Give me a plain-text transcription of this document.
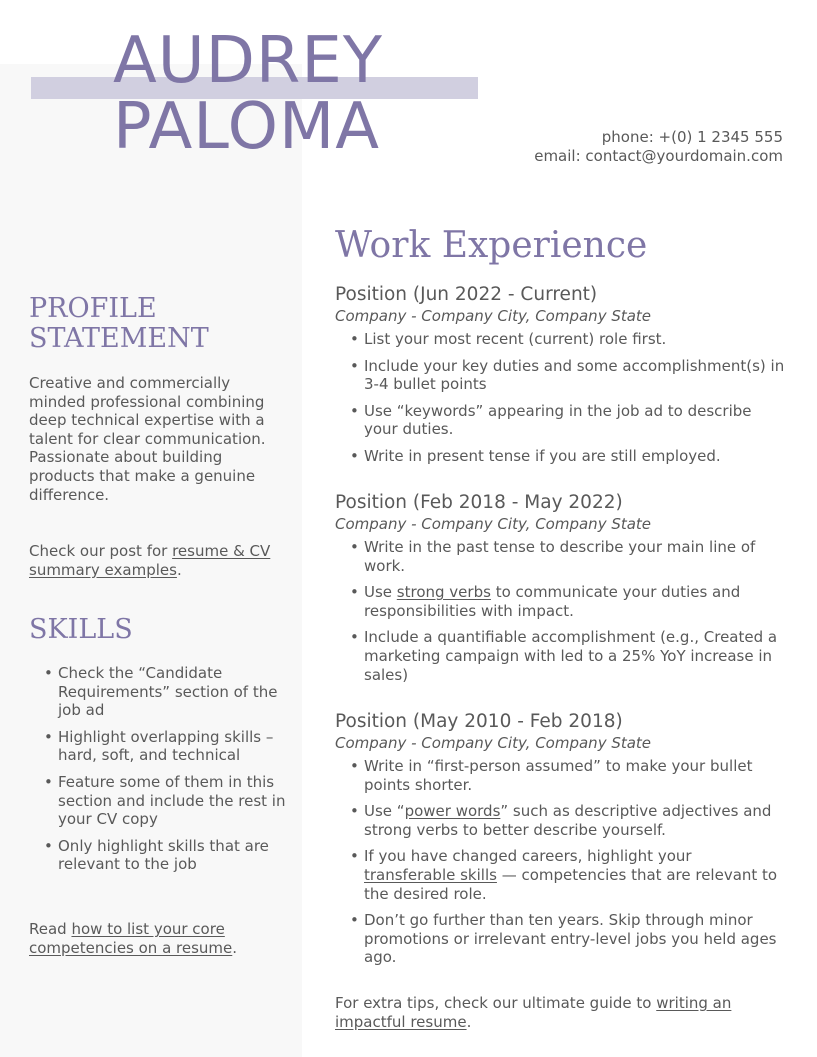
AUDREY
PALOMA	phone: +(0) 1 2345 555
email: contact@yourdomain.com
PROFILE
STATEMENT

Creative and commercially minded professional combining deep technical expertise with a talent for clear communication. Passionate about building products that make a genuine difference.

Check our post for resume & CV summary examples.

SKILLS
• Check the “Candidate Requirements” section of the job ad
• Highlight overlapping skills – hard, soft, and technical
• Feature some of them in this section and include the rest in your CV copy
• Only highlight skills that are relevant to the job

Read how to list your core competencies on a resume.

Work Experience

Position (Jun 2022 - Current)

Company - Company City, Company State

• List your most recent (current) role first.
• Include your key duties and some accomplishment(s) in 3-4 bullet points
• Use “keywords” appearing in the job ad to describe your duties.
• Write in present tense if you are still employed.

Position (Feb 2018 - May 2022)

Company - Company City, Company State

• Write in the past tense to describe your main line of work.
• Use strong verbs to communicate your duties and responsibilities with impact.
• Include a quantifiable accomplishment (e.g., Created a marketing campaign with led to a 25% YoY increase in sales)

Position (May 2010 - Feb 2018)

Company - Company City, Company State

• Write in “first-person assumed” to make your bullet points shorter.
• Use “power words” such as descriptive adjectives and strong verbs to better describe yourself.
• If you have changed careers, highlight your transferable skills — competencies that are relevant to the desired role.
• Don’t go further than ten years. Skip through minor promotions or irrelevant entry-level jobs you held ages ago.

For extra tips, check our ultimate guide to writing an impactful resume.
